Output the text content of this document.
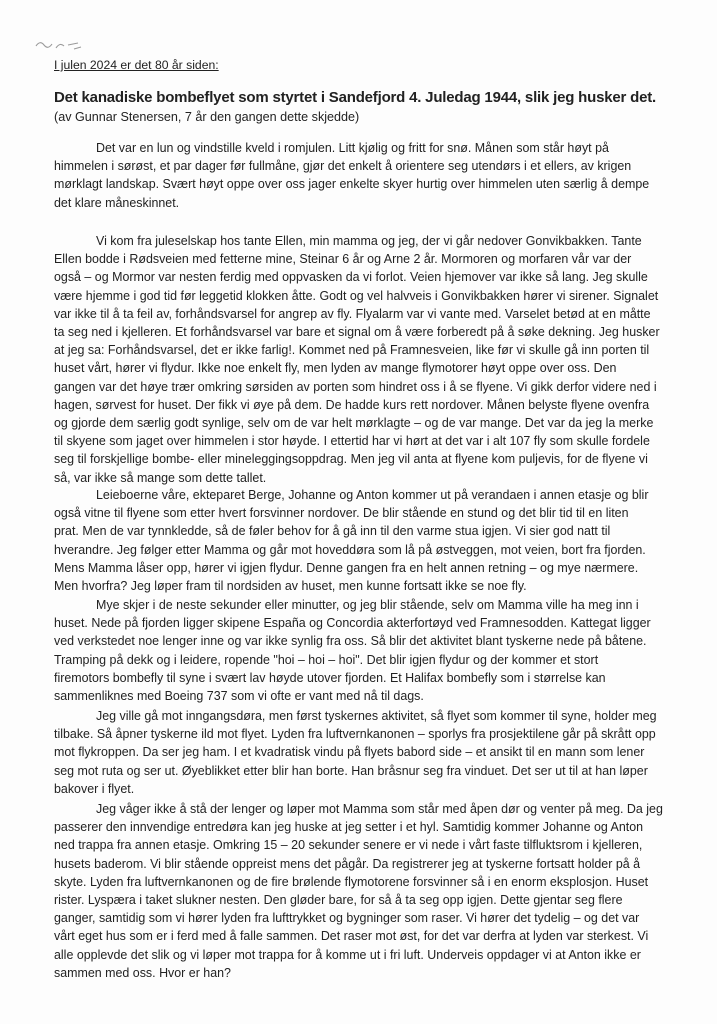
I julen 2024 er det 80 år siden:
Det kanadiske bombeflyet som styrtet i Sandefjord 4. Juledag 1944, slik jeg husker det.
(av Gunnar Stenersen, 7 år den gangen dette skjedde)
Det var en lun og vindstille kveld i romjulen. Litt kjølig og fritt for snø. Månen som står høyt på
himmelen i sørøst, et par dager før fullmåne, gjør det enkelt å orientere seg utendørs i et ellers, av krigen
mørklagt landskap. Svært høyt oppe over oss jager enkelte skyer hurtig over himmelen uten særlig å dempe
det klare måneskinnet.
Vi kom fra juleselskap hos tante Ellen, min mamma og jeg, der vi går nedover Gonvikbakken. Tante
Ellen bodde i Rødsveien med fetterne mine, Steinar 6 år og Arne 2 år. Mormoren og morfaren vår var der
også – og Mormor var nesten ferdig med oppvasken da vi forlot. Veien hjemover var ikke så lang. Jeg skulle
være hjemme i god tid før leggetid klokken åtte. Godt og vel halvveis i Gonvikbakken hører vi sirener. Signalet
var ikke til å ta feil av, forhåndsvarsel for angrep av fly. Flyalarm var vi vante med. Varselet betød at en måtte
ta seg ned i kjelleren. Et forhåndsvarsel var bare et signal om å være forberedt på å søke dekning. Jeg husker
at jeg sa: Forhåndsvarsel, det er ikke farlig!. Kommet ned på Framnesveien, like før vi skulle gå inn porten til
huset vårt, hører vi flydur. Ikke noe enkelt fly, men lyden av mange flymotorer høyt oppe over oss. Den
gangen var det høye trær omkring sørsiden av porten som hindret oss i å se flyene. Vi gikk derfor videre ned i
hagen, sørvest for huset. Der fikk vi øye på dem. De hadde kurs rett nordover. Månen belyste flyene ovenfra
og gjorde dem særlig godt synlige, selv om de var helt mørklagte – og de var mange. Det var da jeg la merke
til skyene som jaget over himmelen i stor høyde. I ettertid har vi hørt at det var i alt 107 fly som skulle fordele
seg til forskjellige bombe- eller mineleggingsoppdrag. Men jeg vil anta at flyene kom puljevis, for de flyene vi
så, var ikke så mange som dette tallet.
Leieboerne våre, ekteparet Berge, Johanne og Anton kommer ut på verandaen i annen etasje og blir
også vitne til flyene som etter hvert forsvinner nordover. De blir stående en stund og det blir tid til en liten
prat. Men de var tynnkledde, så de føler behov for å gå inn til den varme stua igjen. Vi sier god natt til
hverandre. Jeg følger etter Mamma og går mot hoveddøra som lå på østveggen, mot veien, bort fra fjorden.
Mens Mamma låser opp, hører vi igjen flydur. Denne gangen fra en helt annen retning – og mye nærmere.
Men hvorfra? Jeg løper fram til nordsiden av huset, men kunne fortsatt ikke se noe fly.
Mye skjer i de neste sekunder eller minutter, og jeg blir stående, selv om Mamma ville ha meg inn i
huset. Nede på fjorden ligger skipene España og Concordia akterfortøyd ved Framnesodden. Kattegat ligger
ved verkstedet noe lenger inne og var ikke synlig fra oss. Så blir det aktivitet blant tyskerne nede på båtene.
Tramping på dekk og i leidere, ropende "hoi – hoi – hoi". Det blir igjen flydur og der kommer et stort
firemotors bombefly til syne i svært lav høyde utover fjorden. Et Halifax bombefly som i størrelse kan
sammenliknes med Boeing 737 som vi ofte er vant med nå til dags.
Jeg ville gå mot inngangsdøra, men først tyskernes aktivitet, så flyet som kommer til syne, holder meg
tilbake. Så åpner tyskerne ild mot flyet. Lyden fra luftvernkanonen – sporlys fra prosjektilene går på skrått opp
mot flykroppen. Da ser jeg ham. I et kvadratisk vindu på flyets babord side – et ansikt til en mann som lener
seg mot ruta og ser ut. Øyeblikket etter blir han borte. Han bråsnur seg fra vinduet. Det ser ut til at han løper
bakover i flyet.
Jeg våger ikke å stå der lenger og løper mot Mamma som står med åpen dør og venter på meg. Da jeg
passerer den innvendige entredøra kan jeg huske at jeg setter i et hyl. Samtidig kommer Johanne og Anton
ned trappa fra annen etasje. Omkring 15 – 20 sekunder senere er vi nede i vårt faste tilfluktsrom i kjelleren,
husets baderom. Vi blir stående oppreist mens det pågår. Da registrerer jeg at tyskerne fortsatt holder på å
skyte. Lyden fra luftvernkanonen og de fire brølende flymotorene forsvinner så i en enorm eksplosjon. Huset
rister. Lyspæra i taket slukner nesten. Den gløder bare, for så å ta seg opp igjen. Dette gjentar seg flere
ganger, samtidig som vi hører lyden fra lufttrykket og bygninger som raser. Vi hører det tydelig – og det var
vårt eget hus som er i ferd med å falle sammen. Det raser mot øst, for det var derfra at lyden var sterkest. Vi
alle opplevde det slik og vi løper mot trappa for å komme ut i fri luft. Underveis oppdager vi at Anton ikke er
sammen med oss. Hvor er han?
